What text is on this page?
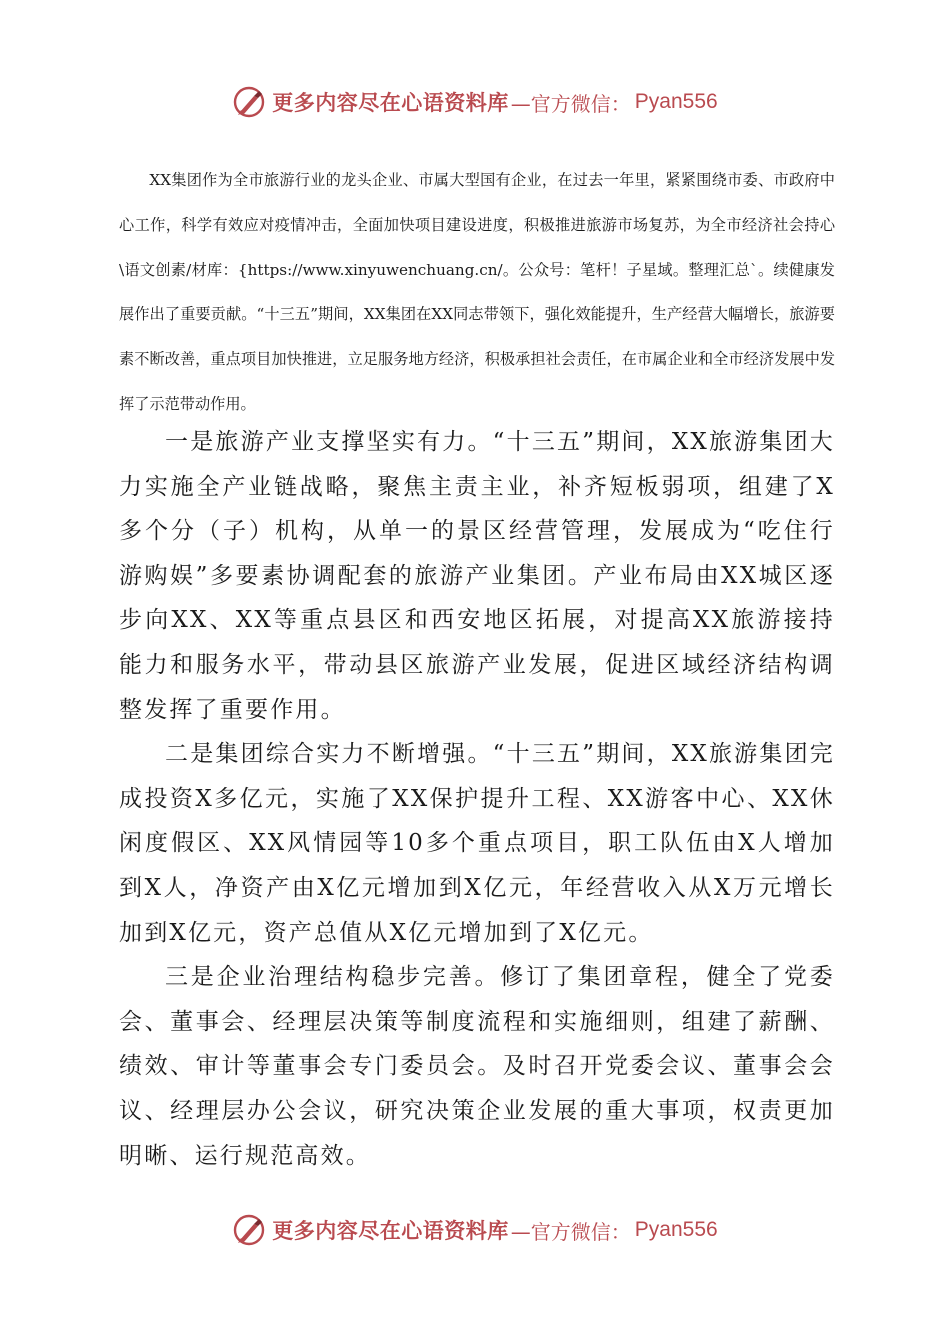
更多内容尽在心语资料库 —官方微信： Pyan556

XX集团作为全市旅游行业的龙头企业、市属大型国有企业，在过去一年里，紧紧围绕市委、市政府中心工作，科学有效应对疫情冲击，全面加快项目建设进度，积极推进旅游市场复苏，为全市经济社会持心\语文创素/材库：{https://www.xinyuwenchuang.cn/。公众号：笔杆！子星域。整理汇总`。续健康发展作出了重要贡献。“十三五”期间，XX集团在XX同志带领下，强化效能提升，生产经营大幅增长，旅游要素不断改善，重点项目加快推进，立足服务地方经济，积极承担社会责任，在市属企业和全市经济发展中发挥了示范带动作用。

一是旅游产业支撑坚实有力。“十三五”期间，XX旅游集团大力实施全产业链战略，聚焦主责主业，补齐短板弱项，组建了X多个分（子）机构，从单一的景区经营管理，发展成为“吃住行游购娱”多要素协调配套的旅游产业集团。产业布局由XX城区逐步向XX、XX等重点县区和西安地区拓展，对提高XX旅游接持能力和服务水平，带动县区旅游产业发展，促进区域经济结构调整发挥了重要作用。

二是集团综合实力不断增强。“十三五”期间，XX旅游集团完成投资X多亿元，实施了XX保护提升工程、XX游客中心、XX休闲度假区、XX风情园等10多个重点项目，职工队伍由X人增加到X人，净资产由X亿元增加到X亿元，年经营收入从X万元增长加到X亿元，资产总值从X亿元增加到了X亿元。

三是企业治理结构稳步完善。修订了集团章程，健全了党委会、董事会、经理层决策等制度流程和实施细则，组建了薪酬、绩效、审计等董事会专门委员会。及时召开党委会议、董事会会议、经理层办公会议，研究决策企业发展的重大事项，权责更加明晰、运行规范高效。

更多内容尽在心语资料库 —官方微信： Pyan556
